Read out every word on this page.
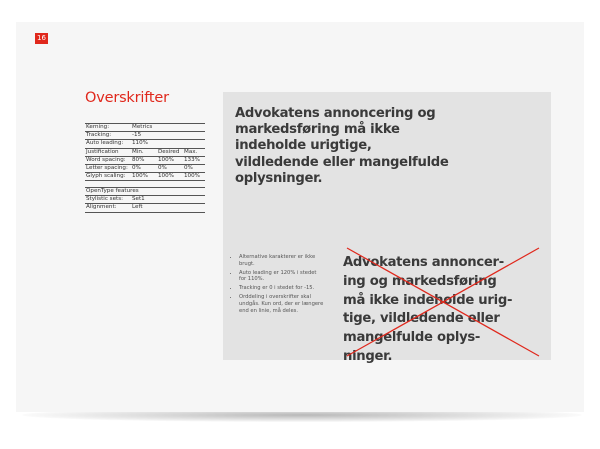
16
Overskrifter
Kerning:	Metrics
Tracking:	-15
Auto leading:	110%
Justification	Min.	Desired Max.
Word spacing:	80%	100%	133%
Letter spacing: 0%	0%	0%
Glyph scaling:	100%	100%	100%
OpenType features
Stylistic sets:	Set1
Alignment:	Left
Advokatens annoncering og markedsføring må ikke indeholde urigtige, vildledende eller mangelfulde oplysninger.
• Alternative karakterer er ikke brugt.
• Auto leading er 120% i stedet for 110%.
• Tracking er 0 i stedet for -15.
• Orddeling i overskrifter skal undgås. Kun ord, der er længere end en linie, må deles.
Advokatens annoncer-
ing og markedsføring
må ikke indeholde urig-
tige, vildledende eller
mangelfulde oplys-
ninger.
